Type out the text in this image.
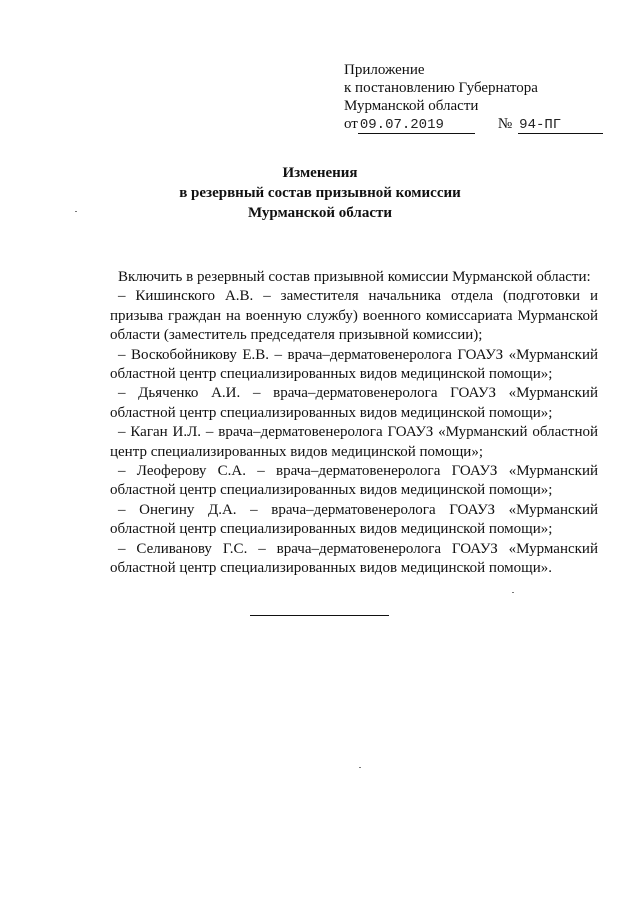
Приложение
к постановлению Губернатора
Мурманской области
от 09.07.2019	№ 94-ПГ
Изменения
в резервный состав призывной комиссии
Мурманской области

Включить в резервный состав призывной комиссии Мурманской области:

– Кишинского А.В. – заместителя начальника отдела (подготовки и призыва граждан на военную службу) военного комиссариата Мурманской области (заместитель председателя призывной комиссии);

– Воскобойникову Е.В. – врача–дерматовенеролога ГОАУЗ «Мурманский областной центр специализированных видов медицинской помощи»;

– Дьяченко А.И. – врача–дерматовенеролога ГОАУЗ «Мурманский областной центр специализированных видов медицинской помощи»;

– Каган И.Л. – врача–дерматовенеролога ГОАУЗ «Мурманский областной центр специализированных видов медицинской помощи»;

– Леоферову С.А. – врача–дерматовенеролога ГОАУЗ «Мурманский областной центр специализированных видов медицинской помощи»;

– Онегину Д.А. – врача–дерматовенеролога ГОАУЗ «Мурманский областной центр специализированных видов медицинской помощи»;

– Селиванову Г.С. – врача–дерматовенеролога ГОАУЗ «Мурманский областной центр специализированных видов медицинской помощи».
